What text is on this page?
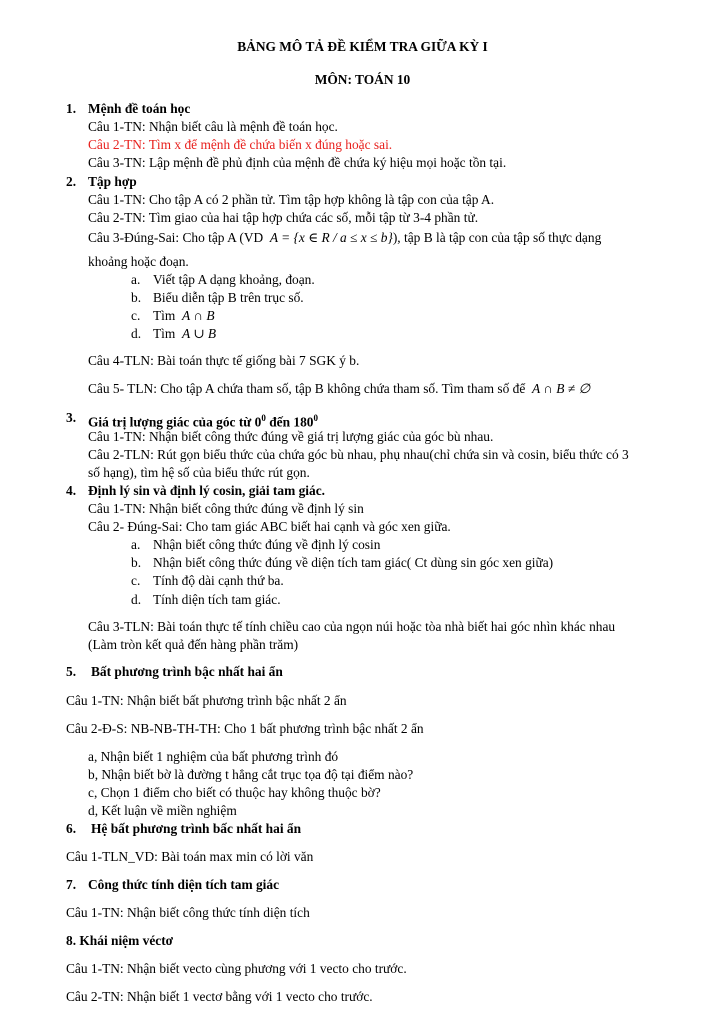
BẢNG MÔ TẢ ĐỀ KIỂM TRA GIỮA KỲ I
MÔN: TOÁN 10
1. Mệnh đề toán học
Câu 1-TN: Nhận biết câu là mệnh đề toán học.
Câu 2-TN: Tìm x để mệnh đề chứa biến x đúng hoặc sai.
Câu 3-TN: Lập mệnh đề phủ định của mệnh đề chứa ký hiệu mọi hoặc tồn tại.
2. Tập hợp
Câu 1-TN: Cho tập A có 2 phần tử. Tìm tập hợp không là tập con của tập A.
Câu 2-TN: Tìm giao của hai tập hợp chứa các số, mỗi tập từ 3-4 phần tử.
Câu 3-Đúng-Sai: Cho tập A (VD A = {x ∈ R / a ≤ x ≤ b}), tập B là tập con của tập số thực dạng
khoảng hoặc đoạn.
a. Viết tập A dạng khoảng, đoạn.
b. Biểu diễn tập B trên trục số.
c. Tìm A ∩ B
d. Tìm A ∪ B
Câu 4-TLN: Bài toán thực tế giống bài 7 SGK ý b.
Câu 5- TLN: Cho tập A chứa tham số, tập B không chứa tham số. Tìm tham số để A ∩ B ≠ ∅
3. Giá trị lượng giác của góc từ $0^0$ đến $180^0$
Câu 1-TN: Nhận biết công thức đúng về giá trị lượng giác của góc bù nhau.
Câu 2-TLN: Rút gọn biểu thức của chứa góc bù nhau, phụ nhau(chỉ chứa sin và cosin, biểu thức có 3
số hạng), tìm hệ số của biểu thức rút gọn.
4. Định lý sin và định lý cosin, giải tam giác.
Câu 1-TN: Nhận biết công thức đúng về định lý sin
Câu 2- Đúng-Sai: Cho tam giác ABC biết hai cạnh và góc xen giữa.
a. Nhận biết công thức đúng về định lý cosin
b. Nhận biết công thức đúng về diện tích tam giác( Ct dùng sin góc xen giữa)
c. Tính độ dài cạnh thứ ba.
d. Tính diện tích tam giác.
Câu 3-TLN: Bài toán thực tế tính chiều cao của ngọn núi hoặc tòa nhà biết hai góc nhìn khác nhau
(Làm tròn kết quả đến hàng phần trăm)
5. Bất phương trình bậc nhất hai ẩn
Câu 1-TN: Nhận biết bất phương trình bậc nhất 2 ẩn
Câu 2-Đ-S: NB-NB-TH-TH: Cho 1 bất phương trình bậc nhất 2 ẩn
a, Nhận biết 1 nghiệm của bất phương trình đó
b, Nhận biết bờ là đường t hẳng cắt trục tọa độ tại điểm nào?
c, Chọn 1 điểm cho biết có thuộc hay không thuộc bờ?
d, Kết luận về miền nghiệm
6. Hệ bất phương trình bấc nhất hai ẩn
Câu 1-TLN_VD: Bài toán max min có lời văn
7. Công thức tính diện tích tam giác
Câu 1-TN: Nhận biết công thức tính diện tích
8. Khái niệm véctơ
Câu 1-TN: Nhận biết vecto cùng phương với 1 vecto cho trước.
Câu 2-TN: Nhận biết 1 vectơ bằng với 1 vecto cho trước.
